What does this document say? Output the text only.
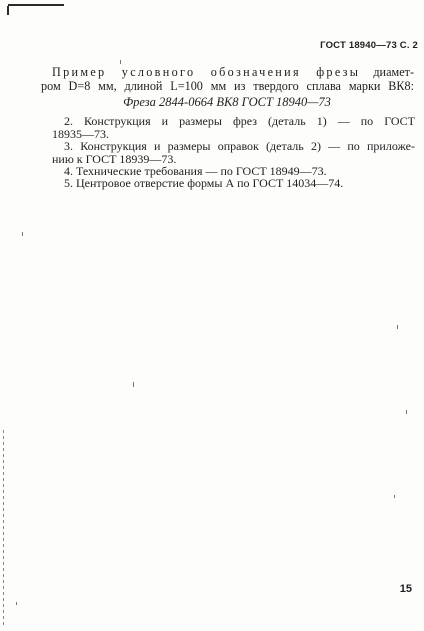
ГОСТ 18940—73 С. 2
Пример условного обозначения фрезы диамет-
ром D=8 мм, длиной L=100 мм из твердого сплава марки ВК8:
Фреза 2844-0664 ВК8 ГОСТ 18940—73
2. Конструкция и размеры фрез (деталь 1) — по ГОСТ
18935—73.
3. Конструкция и размеры оправок (деталь 2) — по приложе-
нию к ГОСТ 18939—73.
4. Технические требования — по ГОСТ 18949—73.
5. Центровое отверстие формы А по ГОСТ 14034—74.
15
